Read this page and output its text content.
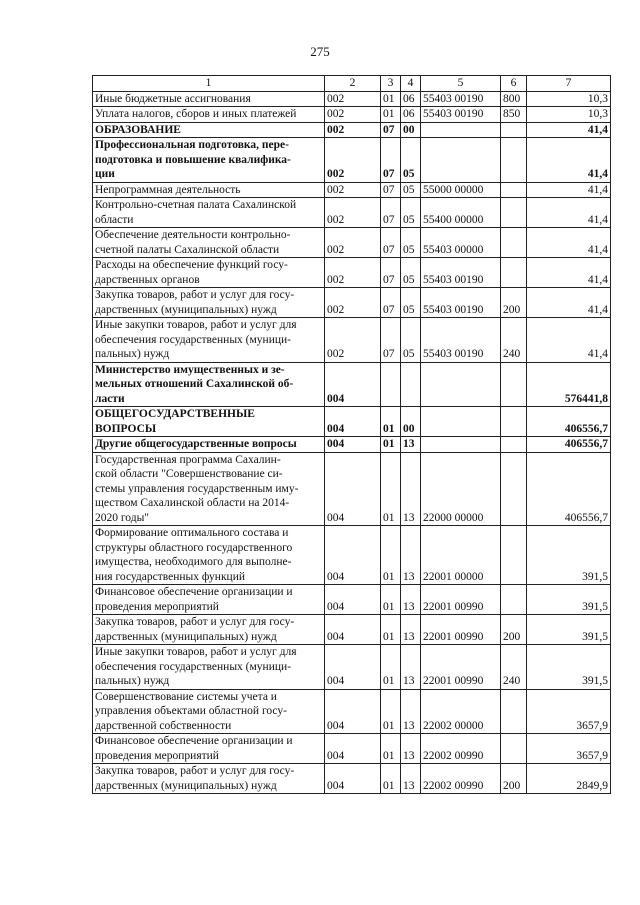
275
1	2	3	4	5	6	7

Иные бюджетные ассигнования	002	01	06	55403 00190	800	10,3

Уплата налогов, сборов и иных платежей	002	01	06	55403 00190	850	10,3

ОБРАЗОВАНИЕ	002	07	00			41,4

Профессиональная подготовка, пере-
подготовка и повышение квалифика-
ции	002	07	05			41,4

Непрограммная деятельность	002	07	05	55000 00000		41,4

Контрольно-счетная палата Сахалинской
области	002	07	05	55400 00000		41,4

Обеспечение деятельности контрольно-
счетной палаты Сахалинской области	002	07	05	55403 00000		41,4

Расходы на обеспечение функций госу-
дарственных органов	002	07	05	55403 00190		41,4

Закупка товаров, работ и услуг для госу-
дарственных (муниципальных) нужд	002	07	05	55403 00190	200	41,4

Иные закупки товаров, работ и услуг для
обеспечения государственных (муници-
пальных) нужд	002	07	05	55403 00190	240	41,4

Министерство имущественных и зе-
мельных отношений Сахалинской об-
ласти	004					576441,8

ОБЩЕГОСУДАРСТВЕННЫЕ
ВОПРОСЫ	004	01	00			406556,7

Другие общегосударственные вопросы	004	01	13			406556,7

Государственная программа Сахалин-
ской области "Совершенствование си-
стемы управления государственным иму-
ществом Сахалинской области на 2014-
2020 годы"	004	01	13	22000 00000		406556,7

Формирование оптимального состава и
структуры областного государственного
имущества, необходимого для выполне-
ния государственных функций	004	01	13	22001 00000		391,5

Финансовое обеспечение организации и
проведения мероприятий	004	01	13	22001 00990		391,5

Закупка товаров, работ и услуг для госу-
дарственных (муниципальных) нужд	004	01	13	22001 00990	200	391,5

Иные закупки товаров, работ и услуг для
обеспечения государственных (муници-
пальных) нужд	004	01	13	22001 00990	240	391,5

Совершенствование системы учета и
управления объектами областной госу-
дарственной собственности	004	01	13	22002 00000		3657,9

Финансовое обеспечение организации и
проведения мероприятий	004	01	13	22002 00990		3657,9

Закупка товаров, работ и услуг для госу-
дарственных (муниципальных) нужд	004	01	13	22002 00990	200	2849,9
